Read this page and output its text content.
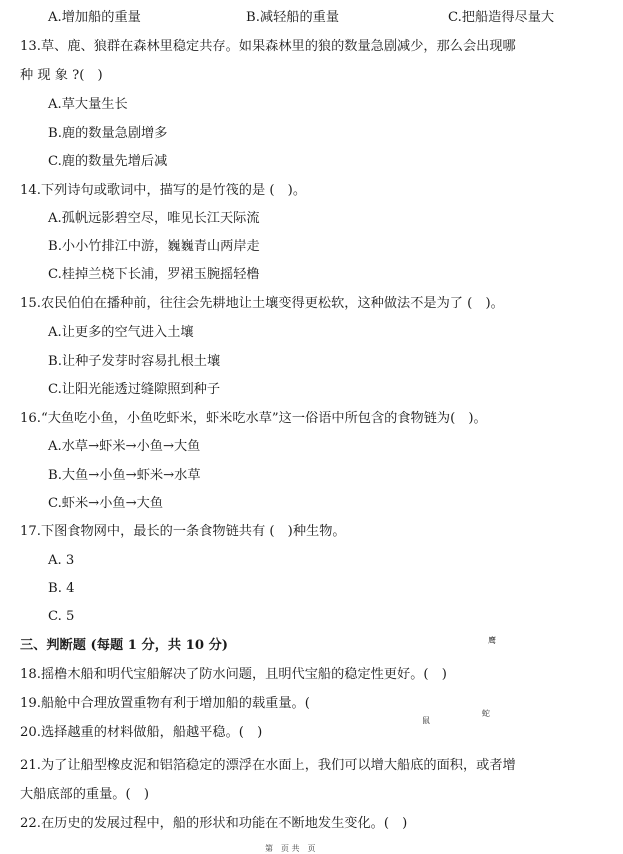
A.增加船的重量	B.减轻船的重量	C.把船造得尽量大
13.草、鹿、狼群在森林里稳定共存。如果森林里的狼的数量急剧减少，那么会出现哪
种 现 象 ?(　)
A.草大量生长
B.鹿的数量急剧增多
C.鹿的数量先增后减
14.下列诗句或歌词中，描写的是竹筏的是 (　)。
A.孤帆远影碧空尽，唯见长江天际流
B.小小竹排江中游，巍巍青山两岸走
C.桂掉兰桡下长浦，罗裙玉腕摇轻橹
15.农民伯伯在播种前，往往会先耕地让土壤变得更松软，这种做法不是为了 (　)。
A.让更多的空气进入土壤
B.让种子发芽时容易扎根土壤
C.让阳光能透过缝隙照到种子
16.“大鱼吃小鱼，小鱼吃虾米，虾米吃水草”这一俗语中所包含的食物链为(　)。
A.水草→虾米→小鱼→大鱼
B.大鱼→小鱼→虾米→水草
C.虾米→小鱼→大鱼
17.下图食物网中，最长的一条食物链共有 (　)种生物。
A. 3
B. 4
C. 5
三、判断题 (每题 1 分，共 10 分)	鹰
蛇
鼠
18.摇橹木船和明代宝船解决了防水问题，且明代宝船的稳定性更好。(　)
19.船舱中合理放置重物有利于增加船的载重量。(
20.选择越重的材料做船，船越平稳。(　)
21.为了让船型橡皮泥和铝箔稳定的漂浮在水面上，我们可以增大船底的面积，或者增
大船底部的重量。(　)
22.在历史的发展过程中，船的形状和功能在不断地发生变化。(　)
第　页 共　页
